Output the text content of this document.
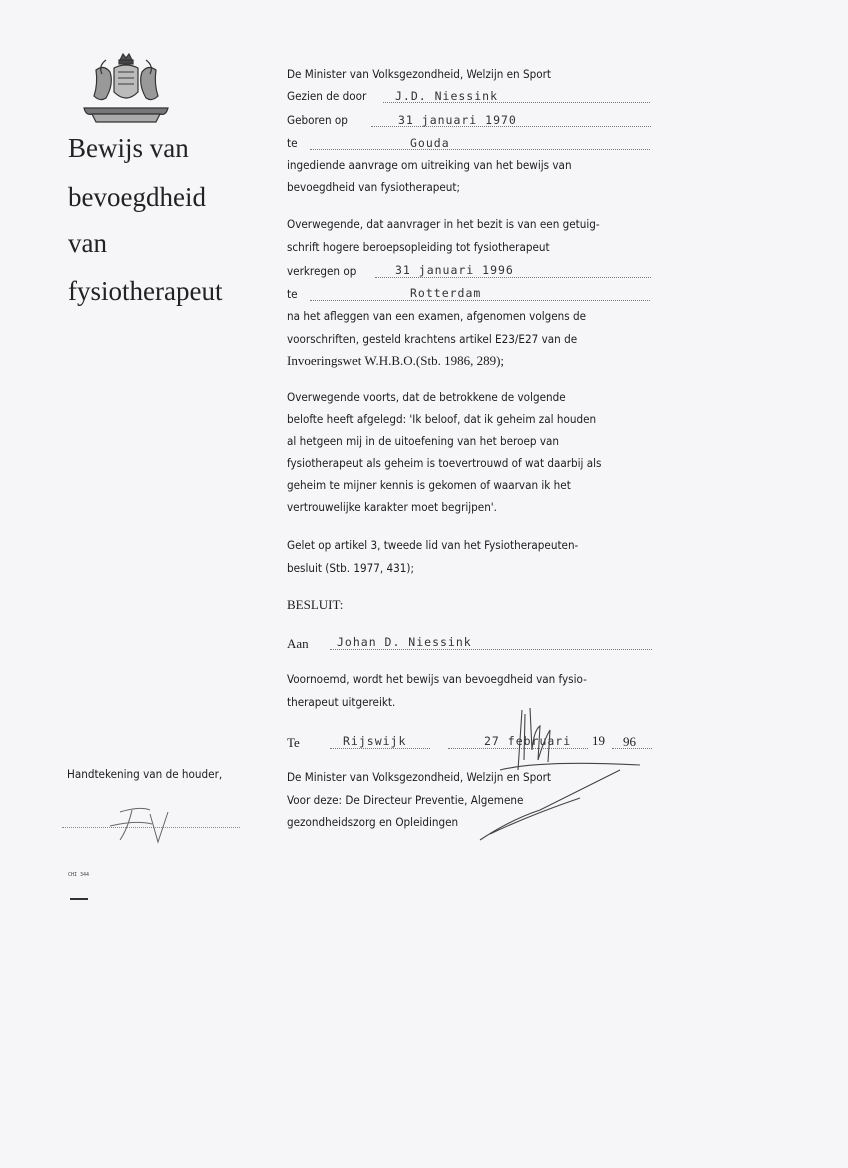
Bewijs van
bevoegdheid
van
fysiotherapeut
De Minister van Volksgezondheid, Welzijn en Sport
Gezien de door	J.D. Niessink
Geboren op	31 januari 1970
te	Gouda
ingediende aanvrage om uitreiking van het bewijs van
bevoegdheid van fysiotherapeut;
Overwegende, dat aanvrager in het bezit is van een getuig-
schrift hogere beroepsopleiding tot fysiotherapeut
verkregen op	31 januari 1996
te	Rotterdam
na het afleggen van een examen, afgenomen volgens de
voorschriften, gesteld krachtens artikel E23/E27 van de
Invoeringswet W.H.B.O.(Stb. 1986, 289);
Overwegende voorts, dat de betrokkene de volgende
belofte heeft afgelegd: 'Ik beloof, dat ik geheim zal houden
al hetgeen mij in de uitoefening van het beroep van
fysiotherapeut als geheim is toevertrouwd of wat daarbij als
geheim te mijner kennis is gekomen of waarvan ik het
vertrouwelijke karakter moet begrijpen'.
Gelet op artikel 3, tweede lid van het Fysiotherapeuten-
besluit (Stb. 1977, 431);
BESLUIT:
Aan	Johan D. Niessink
Voornoemd, wordt het bewijs van bevoegdheid van fysio-
therapeut uitgereikt.
Te	Rijswijk	27 februari 19	96
De Minister van Volksgezondheid, Welzijn en Sport
Voor deze: De Directeur Preventie, Algemene
gezondheidszorg en Opleidingen
Handtekening van de houder,
CHI 344
